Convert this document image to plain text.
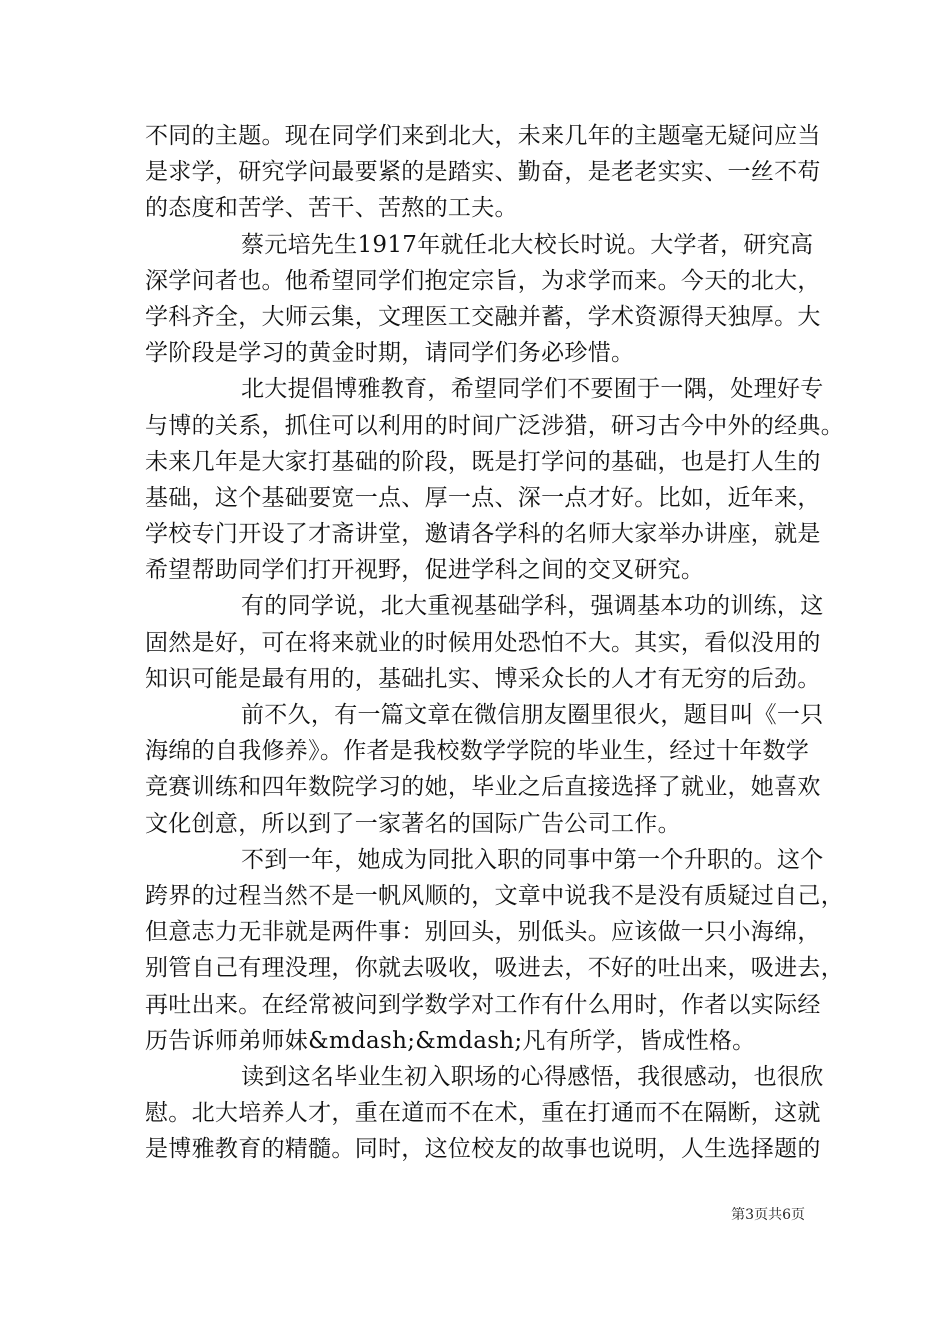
不同的主题。现在同学们来到北大，未来几年的主题毫无疑问应当
是求学，研究学问最要紧的是踏实、勤奋，是老老实实、一丝不苟
的态度和苦学、苦干、苦熬的工夫。
蔡元培先生1917年就任北大校长时说。大学者，研究高
深学问者也。他希望同学们抱定宗旨，为求学而来。今天的北大，
学科齐全，大师云集，文理医工交融并蓄，学术资源得天独厚。大
学阶段是学习的黄金时期，请同学们务必珍惜。
北大提倡博雅教育，希望同学们不要囿于一隅，处理好专
与博的关系，抓住可以利用的时间广泛涉猎，研习古今中外的经典。
未来几年是大家打基础的阶段，既是打学问的基础，也是打人生的
基础，这个基础要宽一点、厚一点、深一点才好。比如，近年来，
学校专门开设了才斋讲堂，邀请各学科的名师大家举办讲座，就是
希望帮助同学们打开视野，促进学科之间的交叉研究。
有的同学说，北大重视基础学科，强调基本功的训练，这
固然是好，可在将来就业的时候用处恐怕不大。其实，看似没用的
知识可能是最有用的，基础扎实、博采众长的人才有无穷的后劲。
前不久，有一篇文章在微信朋友圈里很火，题目叫《一只
海绵的自我修养》。作者是我校数学学院的毕业生，经过十年数学
竞赛训练和四年数院学习的她，毕业之后直接选择了就业，她喜欢
文化创意，所以到了一家著名的国际广告公司工作。
不到一年，她成为同批入职的同事中第一个升职的。这个
跨界的过程当然不是一帆风顺的，文章中说我不是没有质疑过自己，
但意志力无非就是两件事：别回头，别低头。应该做一只小海绵，
别管自己有理没理，你就去吸收，吸进去，不好的吐出来，吸进去，
再吐出来。在经常被问到学数学对工作有什么用时，作者以实际经
历告诉师弟师妹&mdash;&mdash;凡有所学，皆成性格。
读到这名毕业生初入职场的心得感悟，我很感动，也很欣
慰。北大培养人才，重在道而不在术，重在打通而不在隔断，这就
是博雅教育的精髓。同时，这位校友的故事也说明，人生选择题的
第3页共6页
